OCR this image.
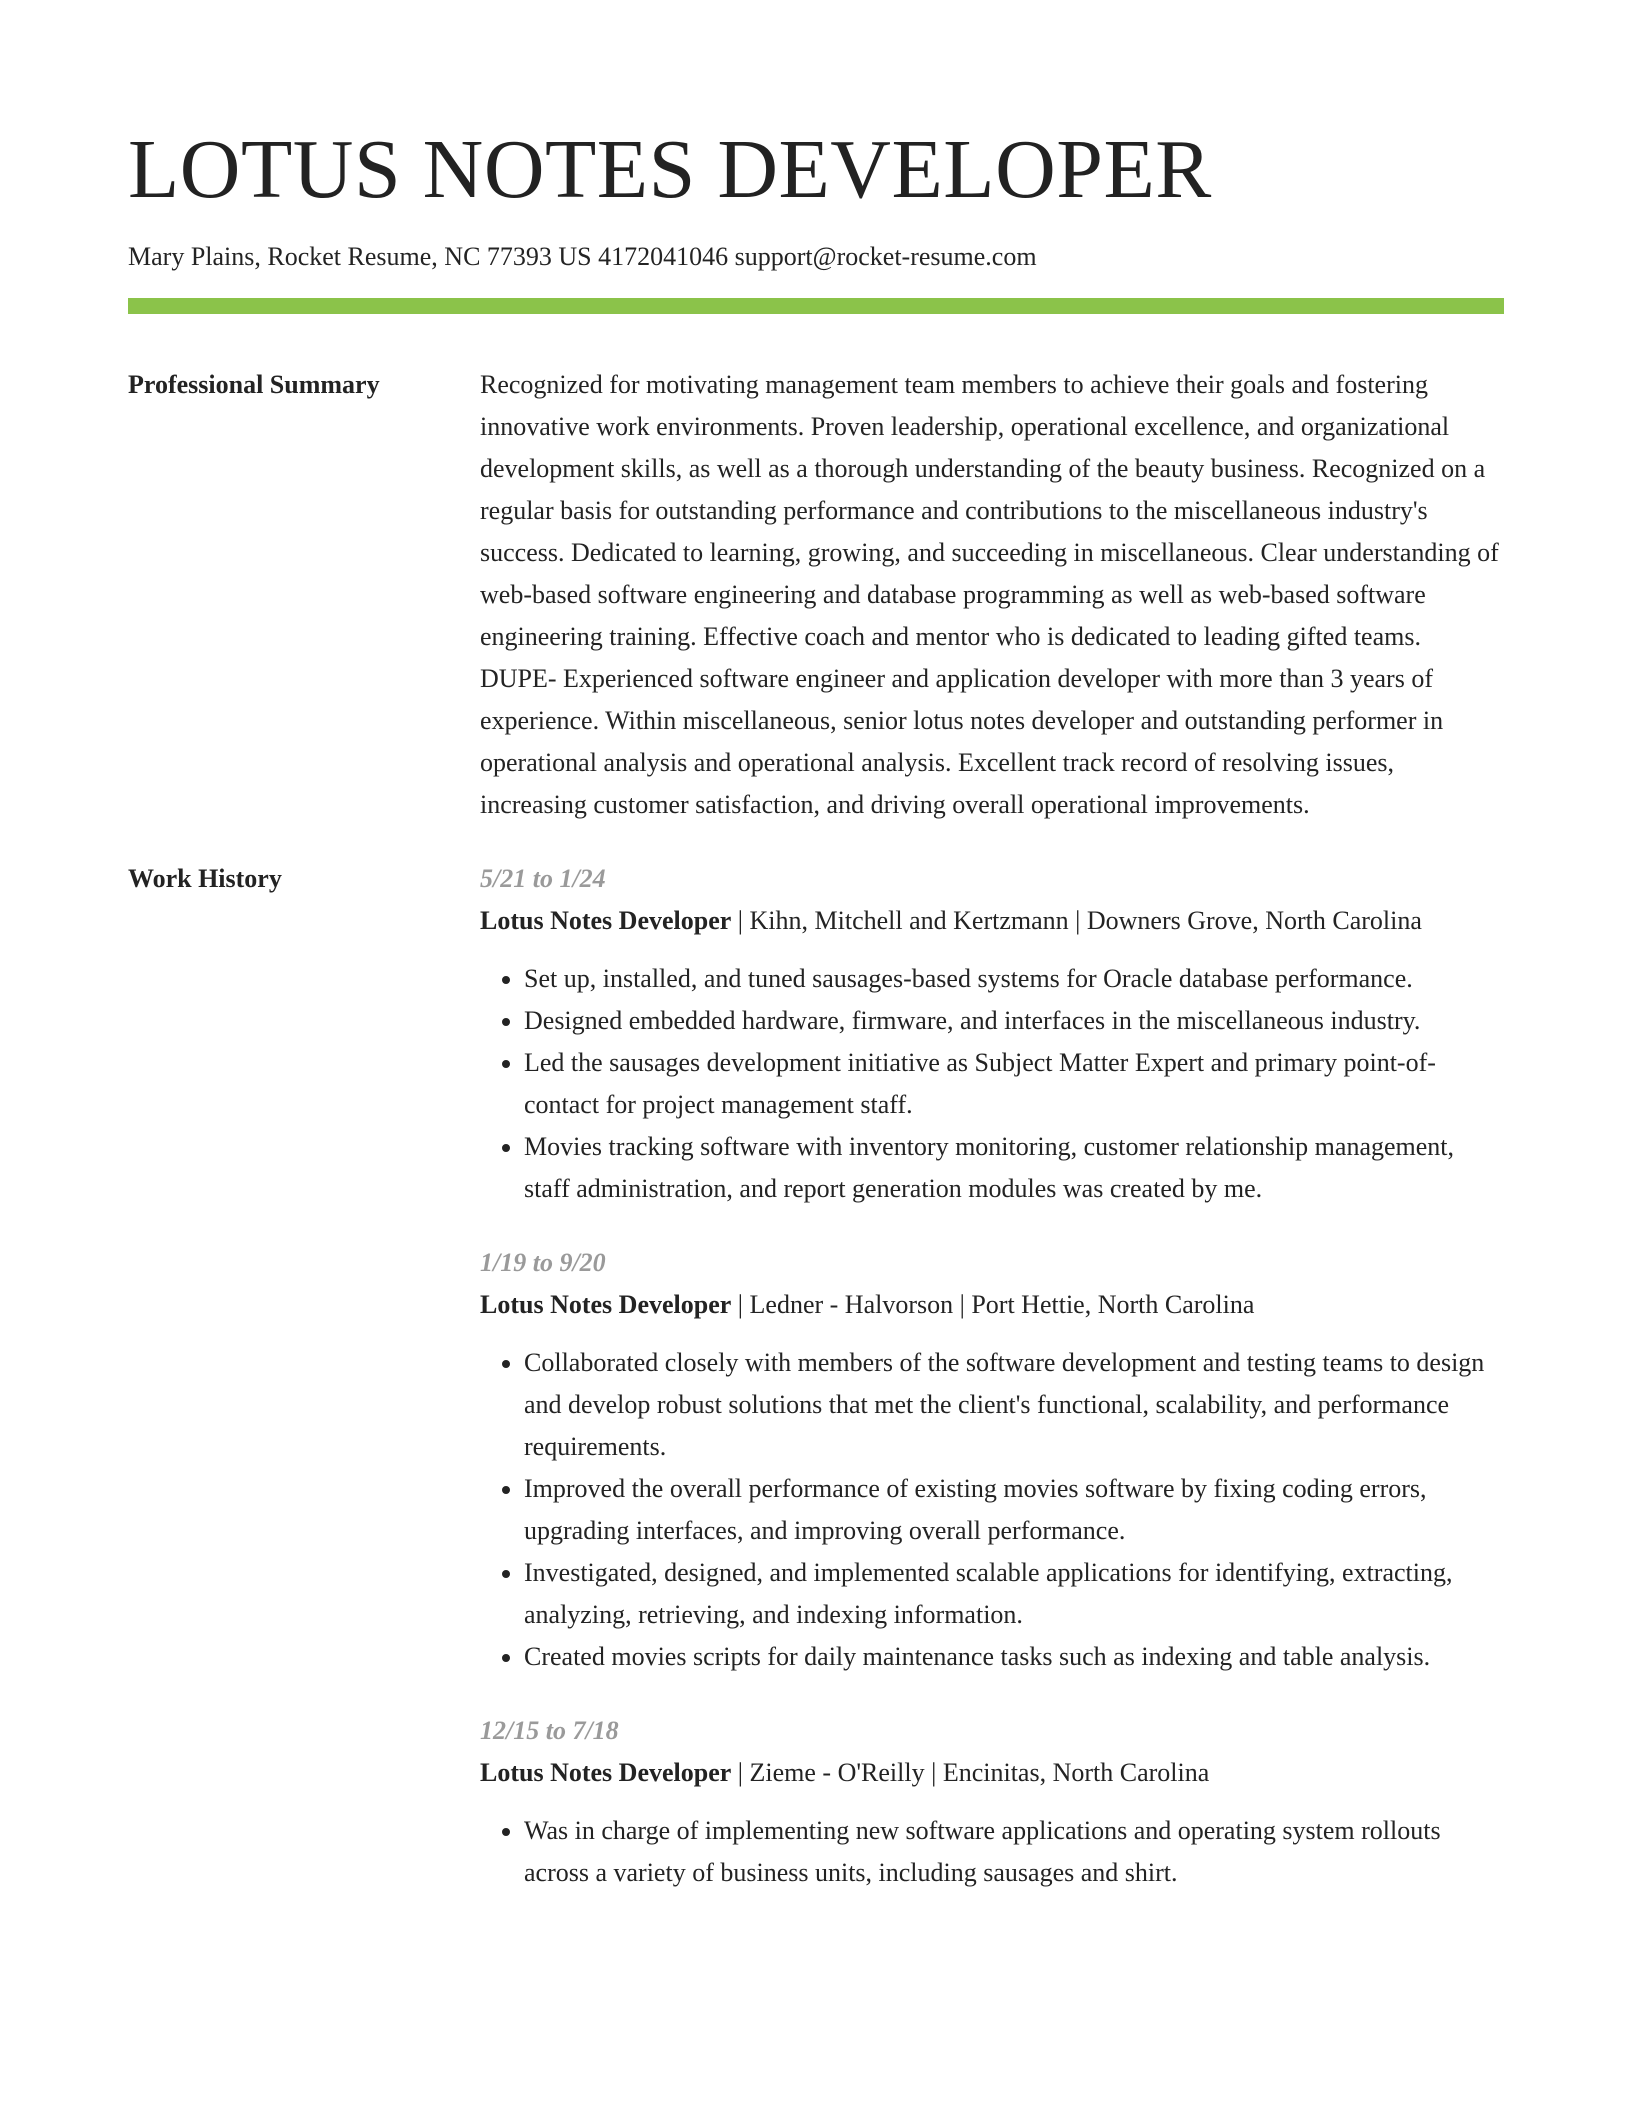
LOTUS NOTES DEVELOPER
Mary Plains, Rocket Resume, NC 77393 US 4172041046 support@rocket-resume.com
Professional Summary	Recognized for motivating management team members to achieve their goals and fostering innovative work environments. Proven leadership, operational excellence, and organizational development skills, as well as a thorough understanding of the beauty business. Recognized on a regular basis for outstanding performance and contributions to the miscellaneous industry's success. Dedicated to learning, growing, and succeeding in miscellaneous. Clear understanding of web-based software engineering and database programming as well as web-based software engineering training. Effective coach and mentor who is dedicated to leading gifted teams. DUPE- Experienced software engineer and application developer with more than 3 years of experience. Within miscellaneous, senior lotus notes developer and outstanding performer in operational analysis and operational analysis. Excellent track record of resolving issues, increasing customer satisfaction, and driving overall operational improvements.

Work History	5/21 to 1/24
Lotus Notes Developer | Kihn, Mitchell and Kertzmann | Downers Grove, North Carolina
• Set up, installed, and tuned sausages-based systems for Oracle database performance.
• Designed embedded hardware, firmware, and interfaces in the miscellaneous industry.
• Led the sausages development initiative as Subject Matter Expert and primary point-of-contact for project management staff.
• Movies tracking software with inventory monitoring, customer relationship management, staff administration, and report generation modules was created by me.
1/19 to 9/20
Lotus Notes Developer | Ledner - Halvorson | Port Hettie, North Carolina
• Collaborated closely with members of the software development and testing teams to design and develop robust solutions that met the client's functional, scalability, and performance requirements.
• Improved the overall performance of existing movies software by fixing coding errors, upgrading interfaces, and improving overall performance.
• Investigated, designed, and implemented scalable applications for identifying, extracting, analyzing, retrieving, and indexing information.
• Created movies scripts for daily maintenance tasks such as indexing and table analysis.
12/15 to 7/18
Lotus Notes Developer | Zieme - O'Reilly | Encinitas, North Carolina
• Was in charge of implementing new software applications and operating system rollouts across a variety of business units, including sausages and shirt.
